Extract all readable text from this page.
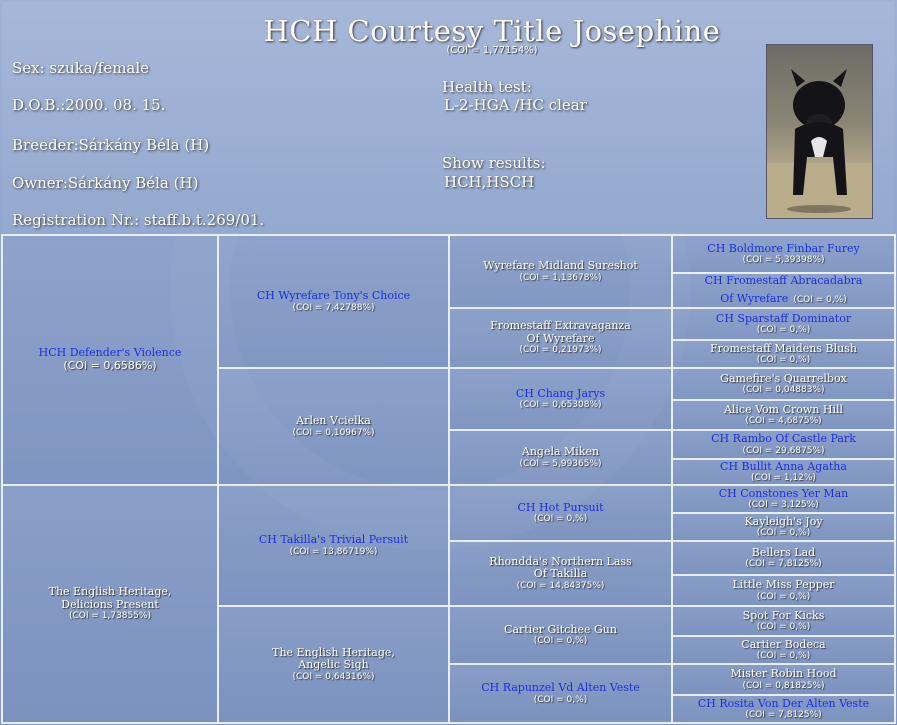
HCH Courtesy Title Josephine
(COI = 1,77154%)
Sex: szuka/female
D.O.B.:2000. 08. 15.
Breeder:Sárkány Béla (H)
Owner:Sárkány Béla (H)
Registration Nr.: staff.b.t.269/01.
Health test:
L-2-HGA /HC clear
Show results:
HCH,HSCH
HCH Defender's Violence
(COI = 0,6586%)
The English Heritage,
Delicions Present
(COI = 1,73855%)
CH Wyrefare Tony's Choice
(COI = 7,42788%)
Arlen Vcielka
(COI = 0,10967%)
CH Takilla's Trivial Persuit
(COI = 13,86719%)
The English Heritage,
Angelic Sigh
(COI = 0,64316%)
Wyrefare Midland Sureshot
(COI = 1,13678%)
Fromestaff Extravaganza
Of Wyrefare
(COI = 0,21973%)
CH Chang Jarys
(COI = 0,65308%)
Angela Miken
(COI = 5,99365%)
CH Hot Pursuit
(COI = 0,%)
Rhondda's Northern Lass
Of Takilla
(COI = 14,84375%)
Cartier Gitchee Gun
(COI = 0,%)
CH Rapunzel Vd Alten Veste
(COI = 0,%)
CH Boldmore Finbar Furey
(COI = 5,39398%)
CH Fromestaff Abracadabra
Of Wyrefare (COI = 0,%)
CH Sparstaff Dominator
(COI = 0,%)
Fromestaff Maidens Blush
(COI = 0,%)
Gamefire's Quarrelbox
(COI = 0,04883%)
Alice Vom Crown Hill
(COI = 4,6875%)
CH Rambo Of Castle Park
(COI = 29,6875%)
CH Bullit Anna Agatha
(COI = 1,12%)
CH Constones Yer Man
(COI = 3,125%)
Kayleigh's Joy
(COI = 0,%)
Bellers Lad
(COI = 7,8125%)
Little Miss Pepper
(COI = 0,%)
Spot For Kicks
(COI = 0,%)
Cartier Bodeca
(COI = 0,%)
Mister Robin Hood
(COI = 0,81825%)
CH Rosita Von Der Alten Veste
(COI = 7,8125%)
